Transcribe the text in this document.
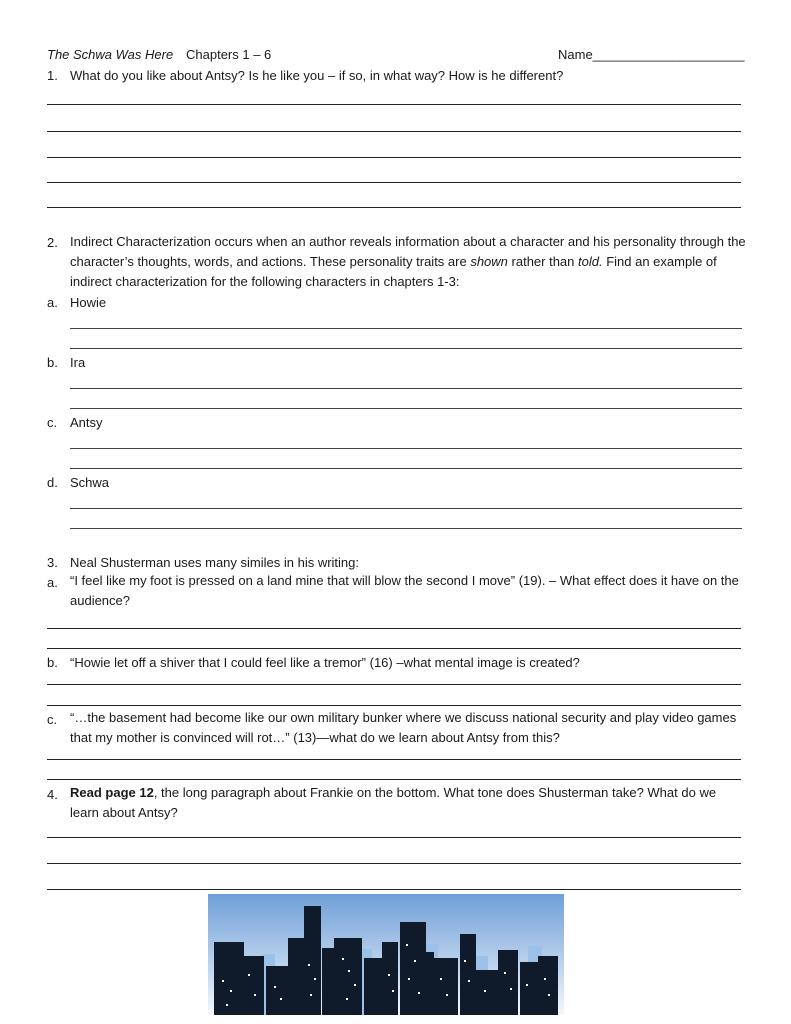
The Schwa Was Here Chapters 1 – 6	Name_____________________
1. What do you like about Antsy? Is he like you – if so, in what way? How is he different?
2. Indirect Characterization occurs when an author reveals information about a character and his personality through the character’s thoughts, words, and actions. These personality traits are shown rather than told. Find an example of indirect characterization for the following characters in chapters 1-3:
a. Howie
b. Ira
c. Antsy
d. Schwa
3. Neal Shusterman uses many similes in his writing:
a. “I feel like my foot is pressed on a land mine that will blow the second I move” (19). – What effect does it have on the audience?
b. “Howie let off a shiver that I could feel like a tremor” (16) –what mental image is created?
c. “…the basement had become like our own military bunker where we discuss national security and play video games that my mother is convinced will rot…” (13)—what do we learn about Antsy from this?
4. Read page 12, the long paragraph about Frankie on the bottom. What tone does Shusterman take? What do we learn about Antsy?
